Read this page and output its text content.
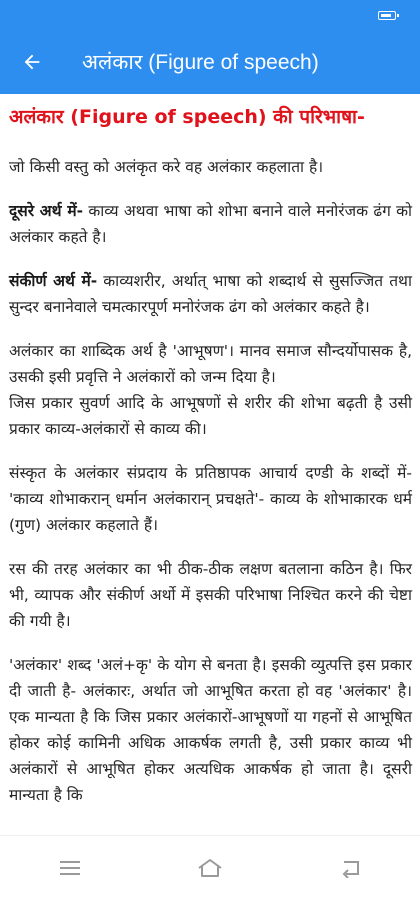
अलंकार (Figure of speech)
अलंकार (Figure of speech) की परिभाषा-

जो किसी वस्तु को अलंकृत करे वह अलंकार कहलाता है।

दूसरे अर्थ में- काव्य अथवा भाषा को शोभा बनाने वाले मनोरंजक ढंग को अलंकार कहते है।

संकीर्ण अर्थ में- काव्यशरीर, अर्थात् भाषा को शब्दार्थ से सुसज्जित तथा सुन्दर बनानेवाले चमत्कारपूर्ण मनोरंजक ढंग को अलंकार कहते है।

अलंकार का शाब्दिक अर्थ है 'आभूषण'। मानव समाज सौन्दर्योपासक है, उसकी इसी प्रवृत्ति ने अलंकारों को जन्म दिया है।
जिस प्रकार सुवर्ण आदि के आभूषणों से शरीर की शोभा बढ़ती है उसी प्रकार काव्य-अलंकारों से काव्य की।

संस्कृत के अलंकार संप्रदाय के प्रतिष्ठापक आचार्य दण्डी के शब्दों में- 'काव्य शोभाकरान् धर्मान अलंकारान् प्रचक्षते'- काव्य के शोभाकारक धर्म (गुण) अलंकार कहलाते हैं।

रस की तरह अलंकार का भी ठीक-ठीक लक्षण बतलाना कठिन है। फिर भी, व्यापक और संकीर्ण अर्थो में इसकी परिभाषा निश्चित करने की चेष्टा की गयी है।

'अलंकार' शब्द 'अलं+कृ' के योग से बनता है। इसकी व्युत्पत्ति इस प्रकार दी जाती है- अलंकारः, अर्थात जो आभूषित करता हो वह 'अलंकार' है। एक मान्यता है कि जिस प्रकार अलंकारों-आभूषणों या गहनों से आभूषित होकर कोई कामिनी अधिक आकर्षक लगती है, उसी प्रकार काव्य भी अलंकारों से आभूषित होकर अत्यधिक आकर्षक हो जाता है। दूसरी मान्यता है कि
